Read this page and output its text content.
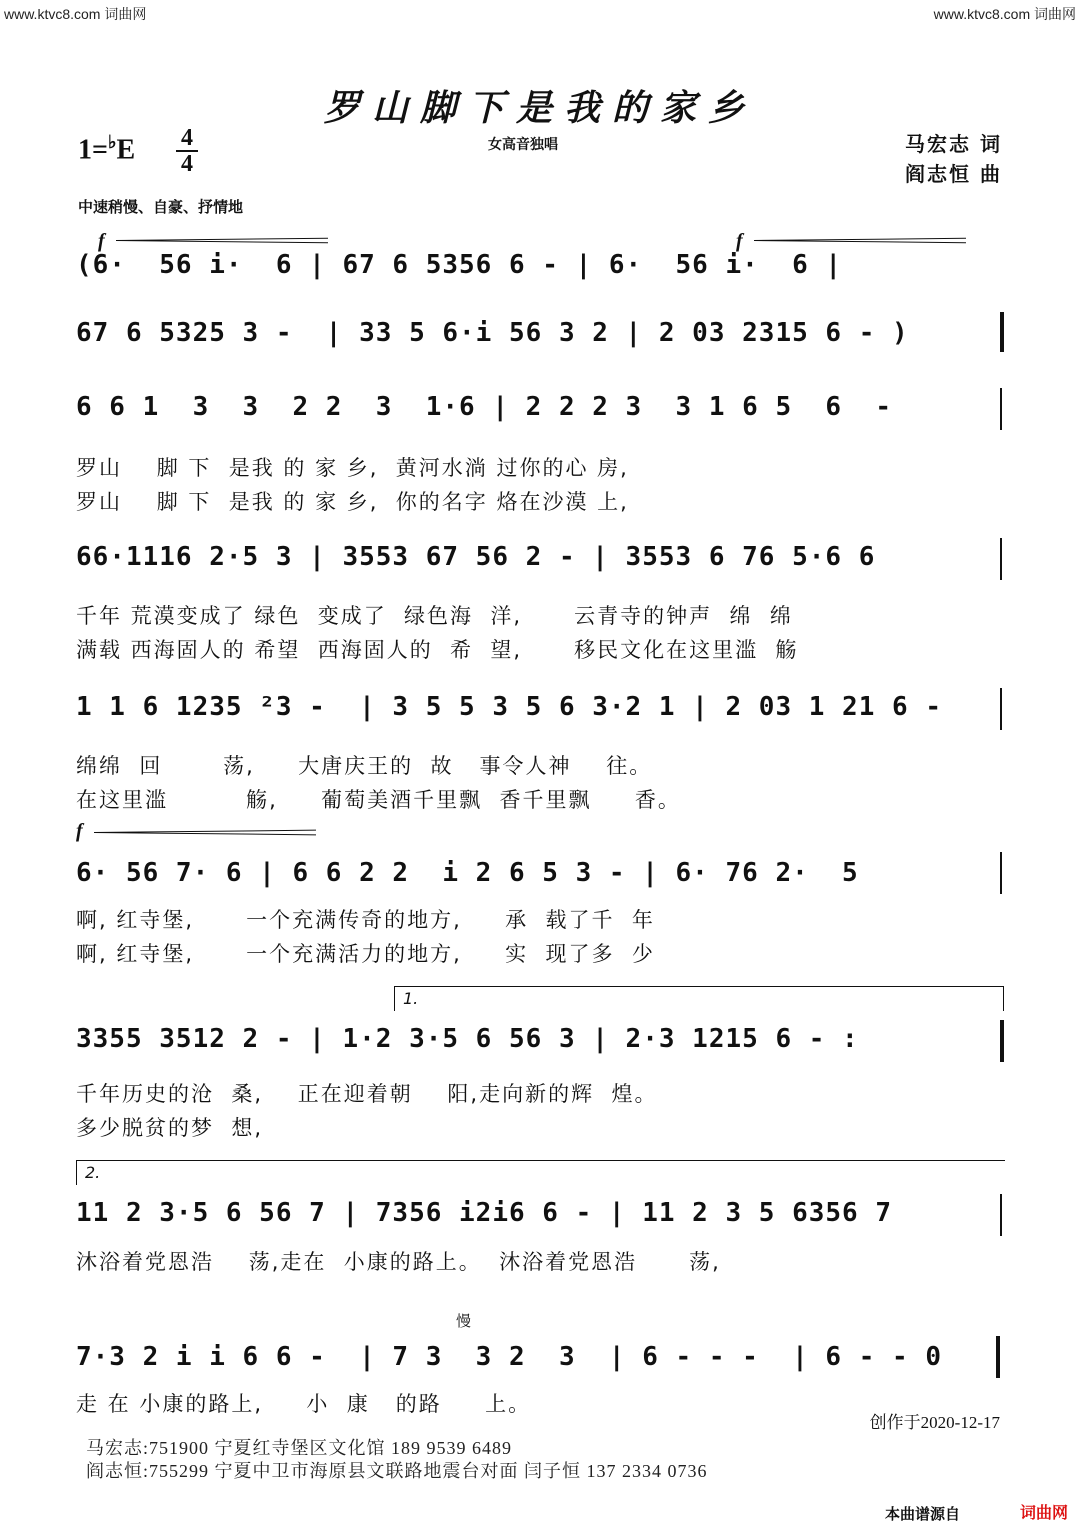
www.ktvc8.com 词曲网	www.ktvc8.com 词曲网
罗山脚下是我的家乡
1=♭E 4
4
女高音独唱	马宏志 词
阎志恒 曲
中速稍慢、自豪、抒情地
f	f
(6·  56 i·  6 | 67 6 5356 6 - | 6·  56 i·  6 |
67 6 5325 3 -  | 33 5 6·i 56 3 2 | 2 03 2315 6 - )
6 6 1  3  3  2 2  3  1·6 | 2 2 2 3  3 1 6 5  6  -
罗山    脚 下  是我 的 家 乡,  黄河水淌 过你的心 房,
罗山    脚 下  是我 的 家 乡,  你的名字 烙在沙漠 上,
66·1116 2·5 3 | 3553 67 56 2 - | 3553 6 76 5·6 6
千年 荒漠变成了 绿色  变成了  绿色海  洋,      云青寺的钟声  绵  绵
满载 西海固人的 希望  西海固人的  希  望,      移民文化在这里滥  觞
1 1 6 1235 ²3 -  | 3 5 5 3 5 6 3·2 1 | 2 03 1 21 6 -
绵绵  回       荡,     大唐庆王的  故   事令人神    往。
在这里滥         觞,     葡萄美酒千里飘  香千里飘     香。
f
6· 56 7· 6 | 6 6 2 2  i 2 6 5 3 - | 6· 76 2·  5
啊, 红寺堡,      一个充满传奇的地方,     承  载了千  年
啊, 红寺堡,      一个充满活力的地方,     实  现了多  少
1.
3355 3512 2 - | 1·2 3·5 6 56 3 | 2·3 1215 6 - :
千年历史的沧  桑,    正在迎着朝    阳,走向新的辉  煌。
多少脱贫的梦  想,
2.
11 2 3·5 6 56 7 | 7356 i2i6 6 - | 11 2 3 5 6356 7
沐浴着党恩浩    荡,走在  小康的路上。  沐浴着党恩浩      荡,
慢
7·3 2 i i 6 6 -  | 7 3  3 2  3  | 6 - - -  | 6 - - 0
走 在 小康的路上,     小  康   的路     上。
创作于2020-12-17
马宏志:751900 宁夏红寺堡区文化馆 189 9539 6489
阎志恒:755299 宁夏中卫市海原县文联路地震台对面 闫子恒 137 2334 0736
本曲谱源自	词曲网
